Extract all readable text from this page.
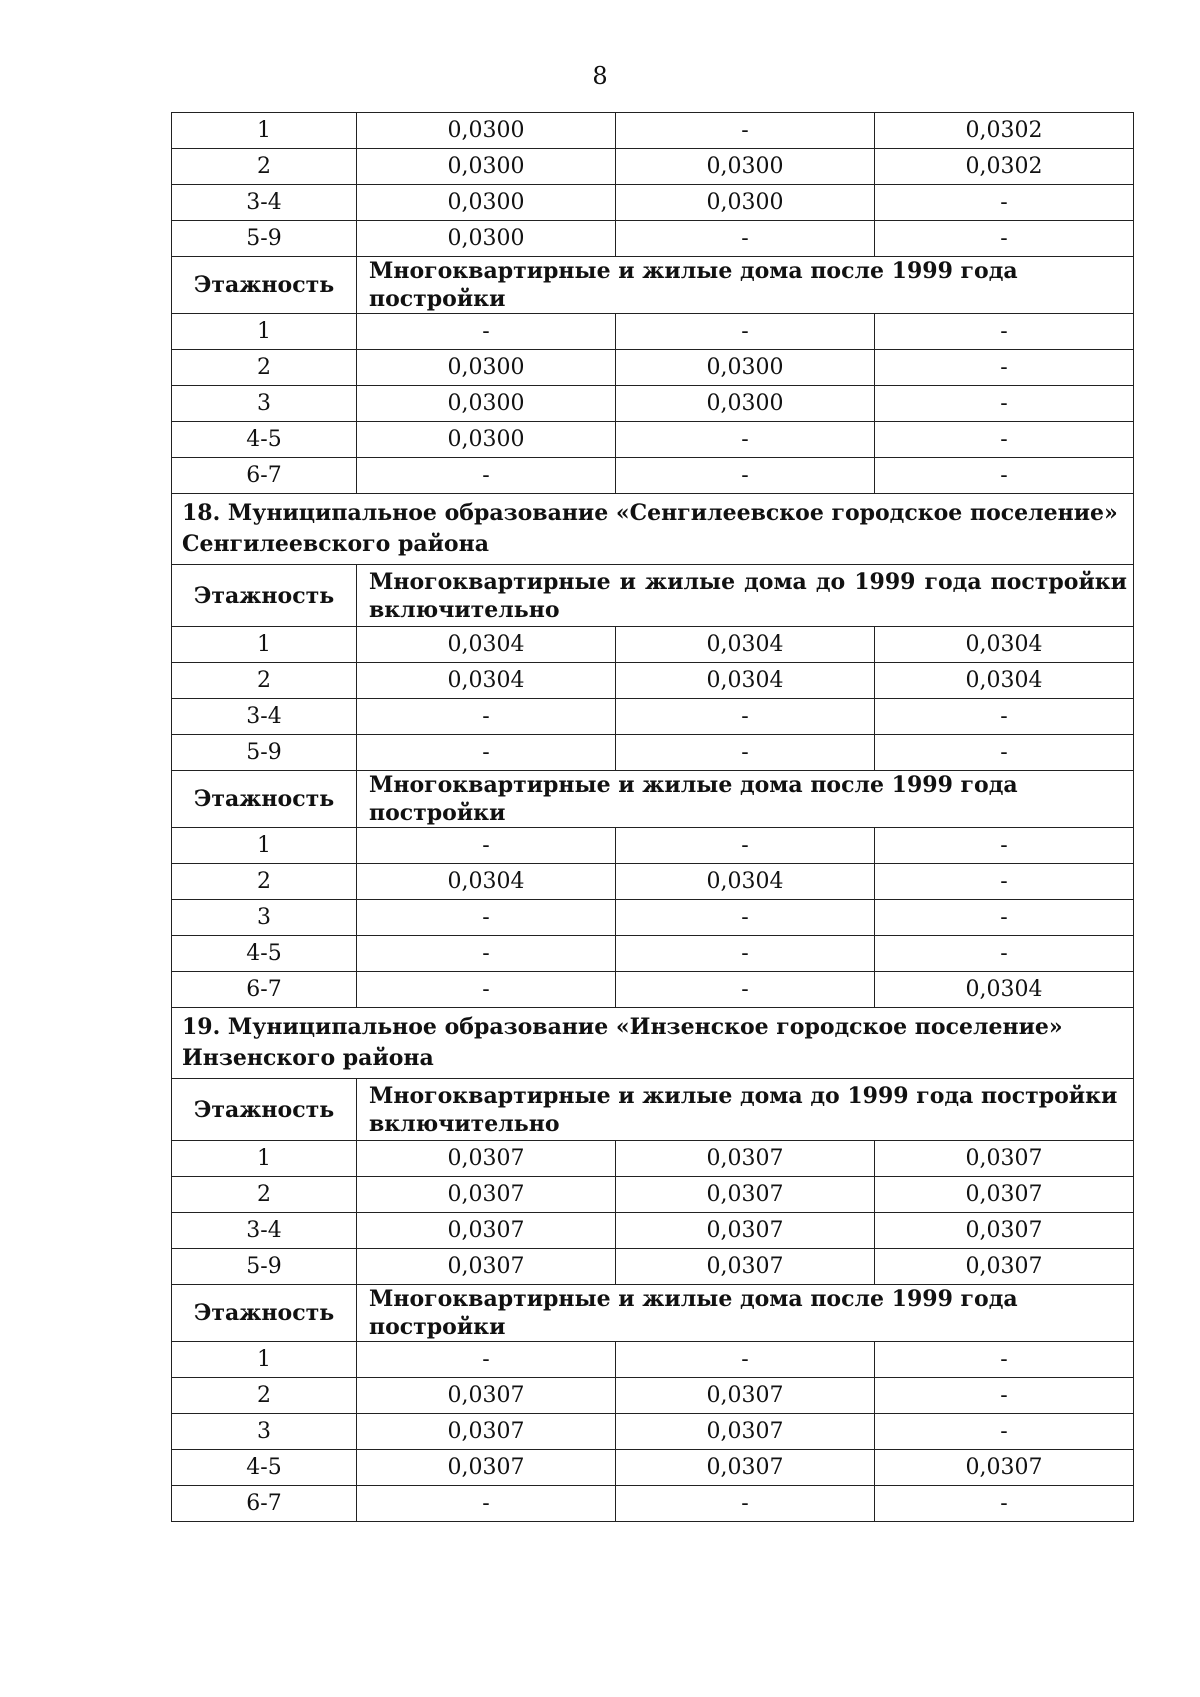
8
1	0,0300	-	0,0302
2	0,0300	0,0300	0,0302
3-4	0,0300	0,0300	-
5-9	0,0300	-	-
Этажность	Многоквартирные и жилые дома после 1999 года постройки		
1	-	-	-
2	0,0300	0,0300	-
3	0,0300	0,0300	-
4-5	0,0300	-	-
6-7	-	-	-
18. Муниципальное образование «Сенгилеевское городское поселение» Сенгилеевского района			
Этажность	Многоквартирные и жилые дома до 1999 года постройки включительно		
1	0,0304	0,0304	0,0304
2	0,0304	0,0304	0,0304
3-4	-	-	-
5-9	-	-	-
Этажность	Многоквартирные и жилые дома после 1999 года постройки		
1	-	-	-
2	0,0304	0,0304	-
3	-	-	-
4-5	-	-	-
6-7	-	-	0,0304
19. Муниципальное образование «Инзенское городское поселение» Инзенского района			
Этажность	Многоквартирные и жилые дома до 1999 года постройки включительно		
1	0,0307	0,0307	0,0307
2	0,0307	0,0307	0,0307
3-4	0,0307	0,0307	0,0307
5-9	0,0307	0,0307	0,0307
Этажность	Многоквартирные и жилые дома после 1999 года постройки		
1	-	-	-
2	0,0307	0,0307	-
3	0,0307	0,0307	-
4-5	0,0307	0,0307	0,0307
6-7	-	-	-
